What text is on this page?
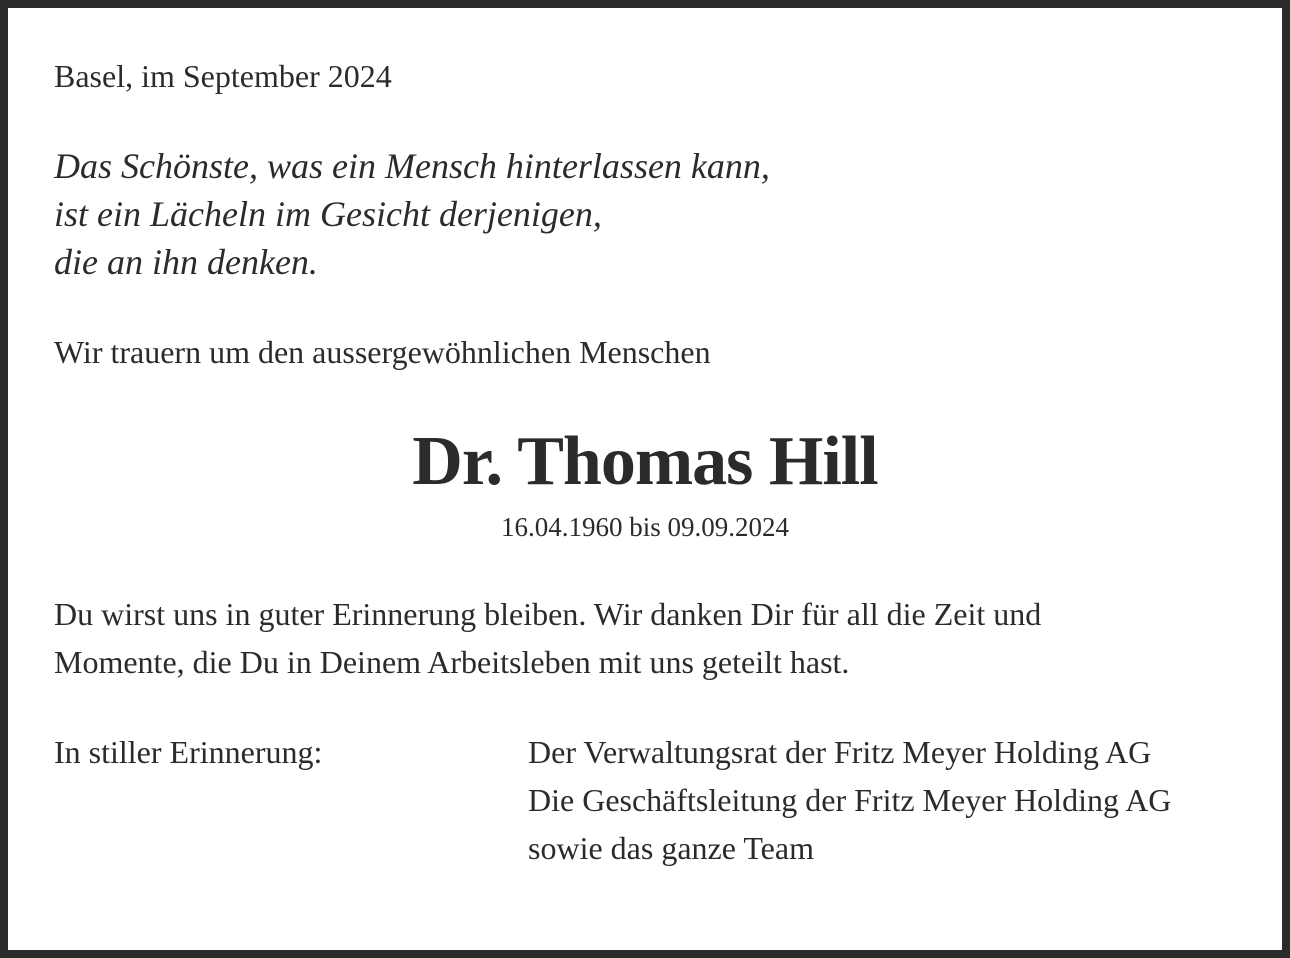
Basel, im September 2024

Das Schönste, was ein Mensch hinterlassen kann,
ist ein Lächeln im Gesicht derjenigen,
die an ihn denken.

Wir trauern um den aussergewöhnlichen Menschen

Dr. Thomas Hill

16.04.1960 bis 09.09.2024

Du wirst uns in guter Erinnerung bleiben. Wir danken Dir für all die Zeit und
Momente, die Du in Deinem Arbeitsleben mit uns geteilt hast.

In stiller Erinnerung:	Der Verwaltungsrat der Fritz Meyer Holding AG
Die Geschäftsleitung der Fritz Meyer Holding AG
sowie das ganze Team
